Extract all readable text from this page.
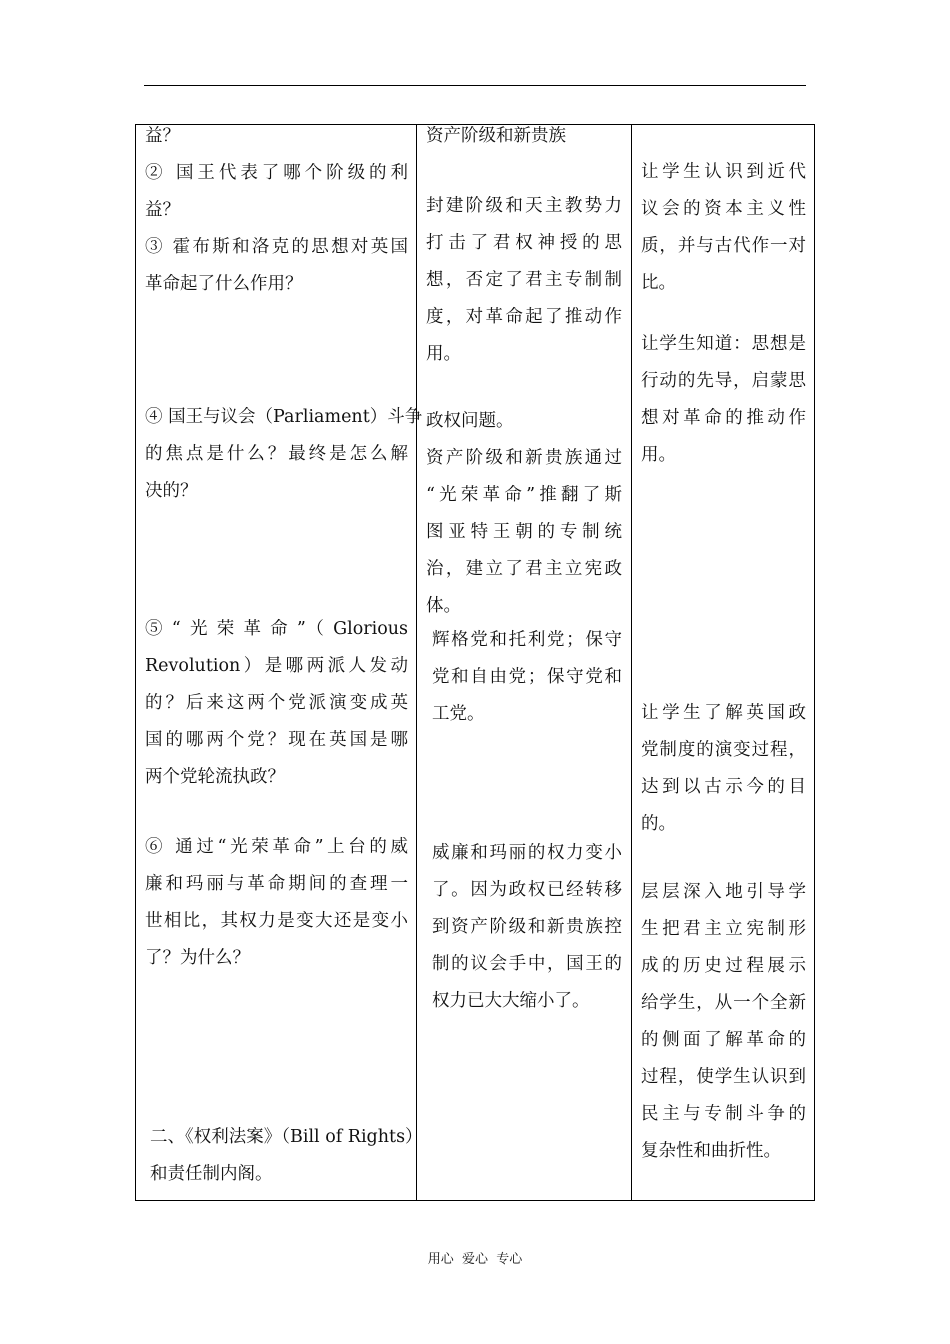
益？
② 国王代表了哪个阶级的利
益？
③ 霍布斯和洛克的思想对英国
革命起了什么作用？
④ 国王与议会（Parliament）斗争
的焦点是什么？最终是怎么解
决的？
⑤“光荣革命”（Glorious
Revolution）是哪两派人发动
的？后来这两个党派演变成英
国的哪两个党？现在英国是哪
两个党轮流执政？
⑥ 通过“光荣革命”上台的威
廉和玛丽与革命期间的查理一
世相比，其权力是变大还是变小
了？为什么？
二、《权利法案》（Bill of Rights）
和责任制内阁。
资产阶级和新贵族
封建阶级和天主教势力
打击了君权神授的思
想，否定了君主专制制
度，对革命起了推动作
用。
政权问题。
资产阶级和新贵族通过
“光荣革命”推翻了斯
图亚特王朝的专制统
治，建立了君主立宪政
体。
辉格党和托利党；保守
党和自由党；保守党和
工党。
威廉和玛丽的权力变小
了。因为政权已经转移
到资产阶级和新贵族控
制的议会手中，国王的
权力已大大缩小了。
让学生认识到近代
议会的资本主义性
质，并与古代作一对
比。
让学生知道：思想是
行动的先导，启蒙思
想对革命的推动作
用。
让学生了解英国政
党制度的演变过程，
达到以古示今的目
的。
层层深入地引导学
生把君主立宪制形
成的历史过程展示
给学生，从一个全新
的侧面了解革命的
过程，使学生认识到
民主与专制斗争的
复杂性和曲折性。
用心  爱心  专心
